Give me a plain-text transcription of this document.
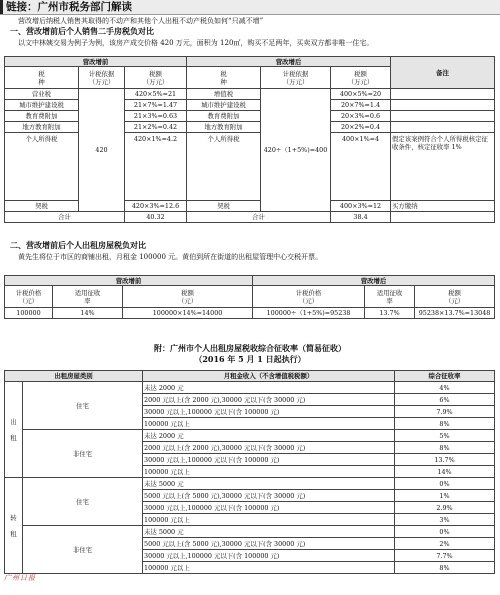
链接：广州市税务部门解读
营改增后纳税人销售其取得的不动产和其他个人出租不动产税负如何“只减不增”
一、营改增前后个人销售二手房税负对比
以文中林姨交易为例子为例，该房产成交价格 420 万元，面积为 120㎡，购买不足两年，买卖双方都非唯一住宅。
营改增前			营改增后			备注
税
种	计税依据
（万元）	税额
（万元）	税
种	计税依据
（万元）	税额
（万元）	
营业税	420	420×5%=21	增值税	420÷（1+5%)=400	400×5%=20	
城市维护建设税		21×7%=1.47	城市维护建设税		20×7%=1.4	
教育费附加		21×3%=0.63	教育费附加		20×3%=0.6	
地方教育附加		21×2%=0.42	地方教育附加		20×2%=0.4	
个人所得税		420×1%=4.2	个人所得税		400×1%=4	假定该案例符合个人所得税核定征收条件，核定征收率 1%
契税		420×3%=12.6	契税		400×3%=12	买方缴纳
合计		40.32	合计		38.4	
二、营改增前后个人出租房屋税负对比
黄先生将位于市区的商铺出租，月租金 100000 元。黄伯到所在街道的出租屋管理中心交税开票。
营改增前			营改增后		
计税价格
（元）	适用征收
率	税额
（元）	计税价格
（元）	适用征收
率	税额
（元）
100000	14%	100000×14%=14000	100000÷（1+5%)=95238	13.7%	95238×13.7%=13048
附：广州市个人出租房屋税收综合征收率（简易征收）
（2016 年 5 月 1 日起执行）
出租房屋类别		月租金收入（不含增值税税额）	综合征收率
出

租	住宅	未达 2000 元	4%
		2000 元以上(含 2000 元),30000 元以下(含 30000 元)	6%
		30000 元以上,100000 元以下(含 100000 元)	7.9%
		100000 元以上	8%
	非住宅	未达 2000 元	5%
		2000 元以上(含 2000 元),30000 元以下(含 30000 元)	8%
		30000 元以上,100000 元以下(含 100000 元)	13.7%
		100000 元以上	14%
转

租	住宅	未达 5000 元	0%
		5000 元以上(含 5000 元),30000 元以下(含 30000 元)	1%
		30000 元以上,100000 元以下(含 100000 元)	2.9%
		100000 元以上	3%
	非住宅	未达 5000 元	0%
		5000 元以上(含 5000 元),30000 元以下(含 30000 元)	2%
		30000 元以上,100000 元以下(含 100000 元)	7.7%
		100000 元以上	8%
广州日报
